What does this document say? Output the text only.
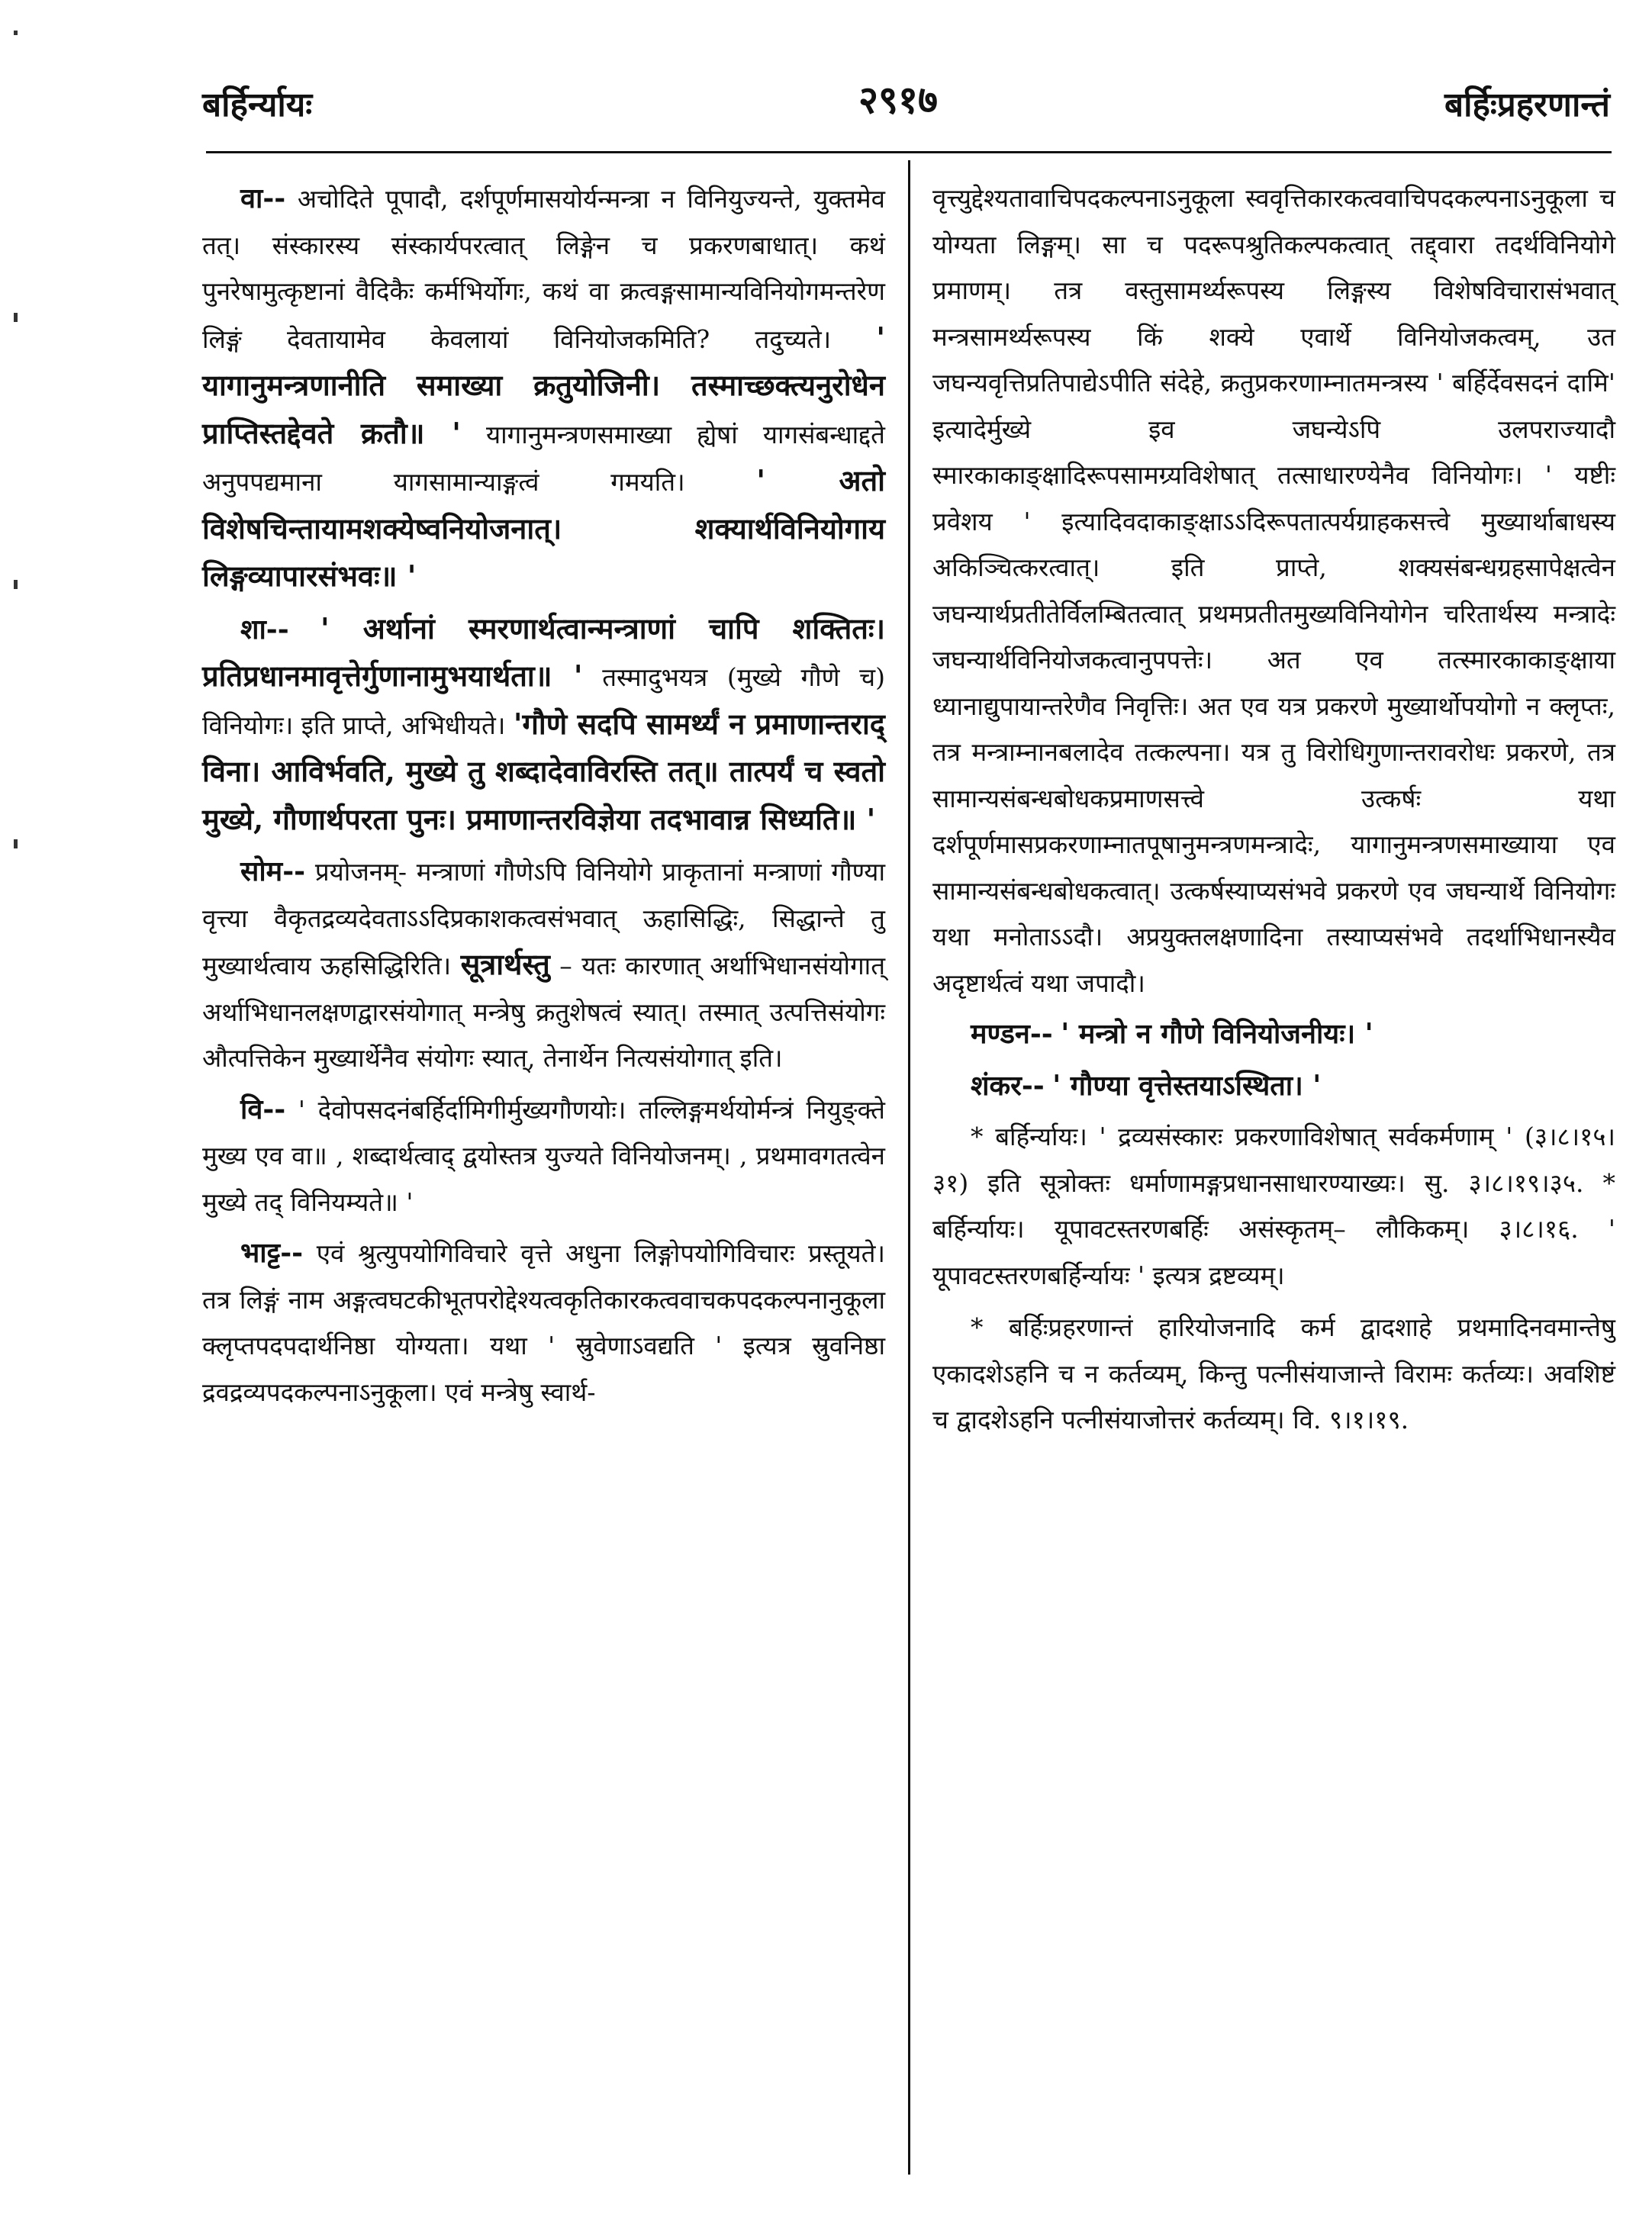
बर्हिर्न्यायः	२९१७	बर्हिःप्रहरणान्तं

वा-- अचोदिते पूपादौ, दर्शपूर्णमासयोर्यन्मन्त्रा न विनियुज्यन्ते, युक्तमेव तत्। संस्कारस्य संस्कार्यपरत्वात् लिङ्गेन च प्रकरणबाधात्। कथं पुनरेषामुत्कृष्टानां वैदिकैः कर्मभिर्योगः, कथं वा क्रत्वङ्गसामान्यविनियोगमन्तरेण लिङ्गं देवतायामेव केवलायां विनियोजकमिति? तदुच्यते। ' यागानुमन्त्रणानीति समाख्या क्रतुयोजिनी। तस्माच्छक्त्यनुरोधेन प्राप्तिस्तद्देवते क्रतौ॥ ' यागानुमन्त्रणसमाख्या ह्येषां यागसंबन्धाद्दते अनुपपद्यमाना यागसामान्याङ्गत्वं गमयति। ' अतो विशेषचिन्तायामशक्येष्वनियोजनात्। शक्यार्थविनियोगाय लिङ्गव्यापारसंभवः॥ '

शा-- ' अर्थानां स्मरणार्थत्वान्मन्त्राणां चापि शक्तितः। प्रतिप्रधानमावृत्तेर्गुणानामुभयार्थता॥ ' तस्मादुभयत्र (मुख्ये गौणे च) विनियोगः। इति प्राप्ते, अभिधीयते। 'गौणे सदपि सामर्थ्यं न प्रमाणान्तराद् विना। आविर्भवति, मुख्ये तु शब्दादेवाविरस्ति तत्॥ तात्पर्यं च स्वतो मुख्ये, गौणार्थपरता पुनः। प्रमाणान्तरविज्ञेया तदभावान्न सिध्यति॥ '

सोम-- प्रयोजनम्- मन्त्राणां गौणेऽपि विनियोगे प्राकृतानां मन्त्राणां गौण्या वृत्त्या वैकृतद्रव्यदेवताऽऽदिप्रकाशकत्वसंभवात् ऊहासिद्धिः, सिद्धान्ते तु मुख्यार्थत्वाय ऊहसिद्धिरिति। सूत्रार्थस्तु – यतः कारणात् अर्थाभिधानसंयोगात् अर्थाभिधानलक्षणद्वारसंयोगात् मन्त्रेषु क्रतुशेषत्वं स्यात्। तस्मात् उत्पत्तिसंयोगः औत्पत्तिकेन मुख्यार्थेनैव संयोगः स्यात्, तेनार्थेन नित्यसंयोगात् इति।

वि-- ' देवोपसदनंबर्हिर्दामिगीर्मुख्यगौणयोः। तल्लिङ्गमर्थयोर्मन्त्रं नियुङ्क्ते मुख्य एव वा॥ , शब्दार्थत्वाद् द्वयोस्तत्र युज्यते विनियोजनम्। , प्रथमावगतत्वेन मुख्ये तद् विनियम्यते॥ '

भाट्ट-- एवं श्रुत्युपयोगिविचारे वृत्ते अधुना लिङ्गोपयोगिविचारः प्रस्तूयते। तत्र लिङ्गं नाम अङ्गत्वघटकीभूतपरोद्देश्यत्वकृतिकारकत्ववाचकपदकल्पनानुकूला क्लृप्तपदपदार्थनिष्ठा योग्यता। यथा ' स्रुवेणाऽवद्यति ' इत्यत्र स्रुवनिष्ठा द्रवद्रव्यपदकल्पनाऽनुकूला। एवं मन्त्रेषु स्वार्थ-

वृत्त्युद्देश्यतावाचिपदकल्पनाऽनुकूला स्ववृत्तिकारकत्ववाचिपदकल्पनाऽनुकूला च योग्यता लिङ्गम्। सा च पदरूपश्रुतिकल्पकत्वात् तद्द्वारा तदर्थविनियोगे प्रमाणम्। तत्र वस्तुसामर्थ्यरूपस्य लिङ्गस्य विशेषविचारासंभवात् मन्त्रसामर्थ्यरूपस्य किं शक्ये एवार्थे विनियोजकत्वम्, उत जघन्यवृत्तिप्रतिपाद्येऽपीति संदेहे, क्रतुप्रकरणाम्नातमन्त्रस्य ' बर्हिर्देवसदनं दामि' इत्यादेर्मुख्ये इव जघन्येऽपि उलपराज्यादौ स्मारकाकाङ्क्षादिरूपसामग्र्यविशेषात् तत्साधारण्येनैव विनियोगः। ' यष्टीः प्रवेशय ' इत्यादिवदाकाङ्क्षाऽऽदिरूपतात्पर्यग्राहकसत्त्वे मुख्यार्थाबाधस्य अकिञ्चित्करत्वात्। इति प्राप्ते, शक्यसंबन्धग्रहसापेक्षत्वेन जघन्यार्थप्रतीतेर्विलम्बितत्वात् प्रथमप्रतीतमुख्यविनियोगेन चरितार्थस्य मन्त्रादेः जघन्यार्थविनियोजकत्वानुपपत्तेः। अत एव तत्स्मारकाकाङ्क्षाया ध्यानाद्युपायान्तरेणैव निवृत्तिः। अत एव यत्र प्रकरणे मुख्यार्थोपयोगो न क्लृप्तः, तत्र मन्त्राम्नानबलादेव तत्कल्पना। यत्र तु विरोधिगुणान्तरावरोधः प्रकरणे, तत्र सामान्यसंबन्धबोधकप्रमाणसत्त्वे उत्कर्षः यथा दर्शपूर्णमासप्रकरणाम्नातपूषानुमन्त्रणमन्त्रादेः, यागानुमन्त्रणसमाख्याया एव सामान्यसंबन्धबोधकत्वात्। उत्कर्षस्याप्यसंभवे प्रकरणे एव जघन्यार्थे विनियोगः यथा मनोताऽऽदौ। अप्रयुक्तलक्षणादिना तस्याप्यसंभवे तदर्थाभिधानस्यैव अदृष्टार्थत्वं यथा जपादौ।

मण्डन-- ' मन्त्रो न गौणे विनियोजनीयः। '

शंकर-- ' गौण्या वृत्तेस्तयाऽस्थिता। '

* बर्हिर्न्यायः। ' द्रव्यसंस्कारः प्रकरणाविशेषात् सर्वकर्मणाम् ' (३।८।१५।३१) इति सूत्रोक्तः धर्माणामङ्गप्रधानसाधारण्याख्यः। सु. ३।८।१९।३५. * बर्हिर्न्यायः। यूपावटस्तरणबर्हिः असंस्कृतम्– लौकिकम्। ३।८।१६. ' यूपावटस्तरणबर्हिर्न्यायः ' इत्यत्र द्रष्टव्यम्।

* बर्हिःप्रहरणान्तं हारियोजनादि कर्म द्वादशाहे प्रथमादिनवमान्तेषु एकादशेऽहनि च न कर्तव्यम्, किन्तु पत्नीसंयाजान्ते विरामः कर्तव्यः। अवशिष्टं च द्वादशेऽहनि पत्नीसंयाजोत्तरं कर्तव्यम्। वि. ९।१।१९.
